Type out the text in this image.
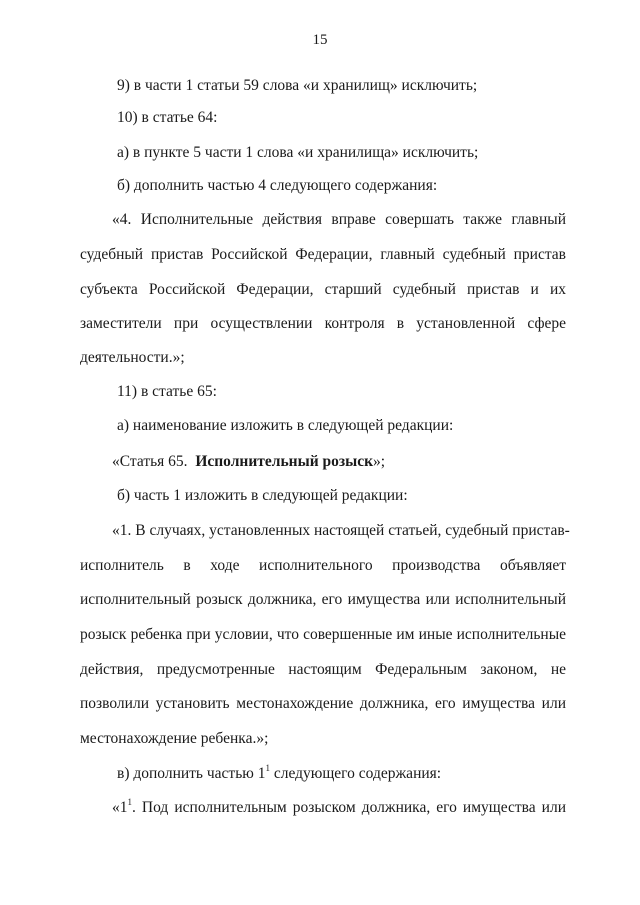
15
9) в части 1 статьи 59 слова «и хранилищ» исключить;
10) в статье 64:
а) в пункте 5 части 1 слова «и хранилища» исключить;
б) дополнить частью 4 следующего содержания:
«4. Исполнительные действия вправе совершать также главный
судебный пристав Российской Федерации, главный судебный пристав
субъекта Российской Федерации, старший судебный пристав и их
заместители при осуществлении контроля в установленной сфере
деятельности.»;
11) в статье 65:
а) наименование изложить в следующей редакции:
«Статья 65. Исполнительный розыск»;
б) часть 1 изложить в следующей редакции:
«1. В случаях, установленных настоящей статьей, судебный пристав-
исполнитель в ходе исполнительного производства объявляет
исполнительный розыск должника, его имущества или исполнительный
розыск ребенка при условии, что совершенные им иные исполнительные
действия, предусмотренные настоящим Федеральным законом, не
позволили установить местонахождение должника, его имущества или
местонахождение ребенка.»;
в) дополнить частью $1^1$ следующего содержания:
«$1^1$. Под исполнительным розыском должника, его имущества или
